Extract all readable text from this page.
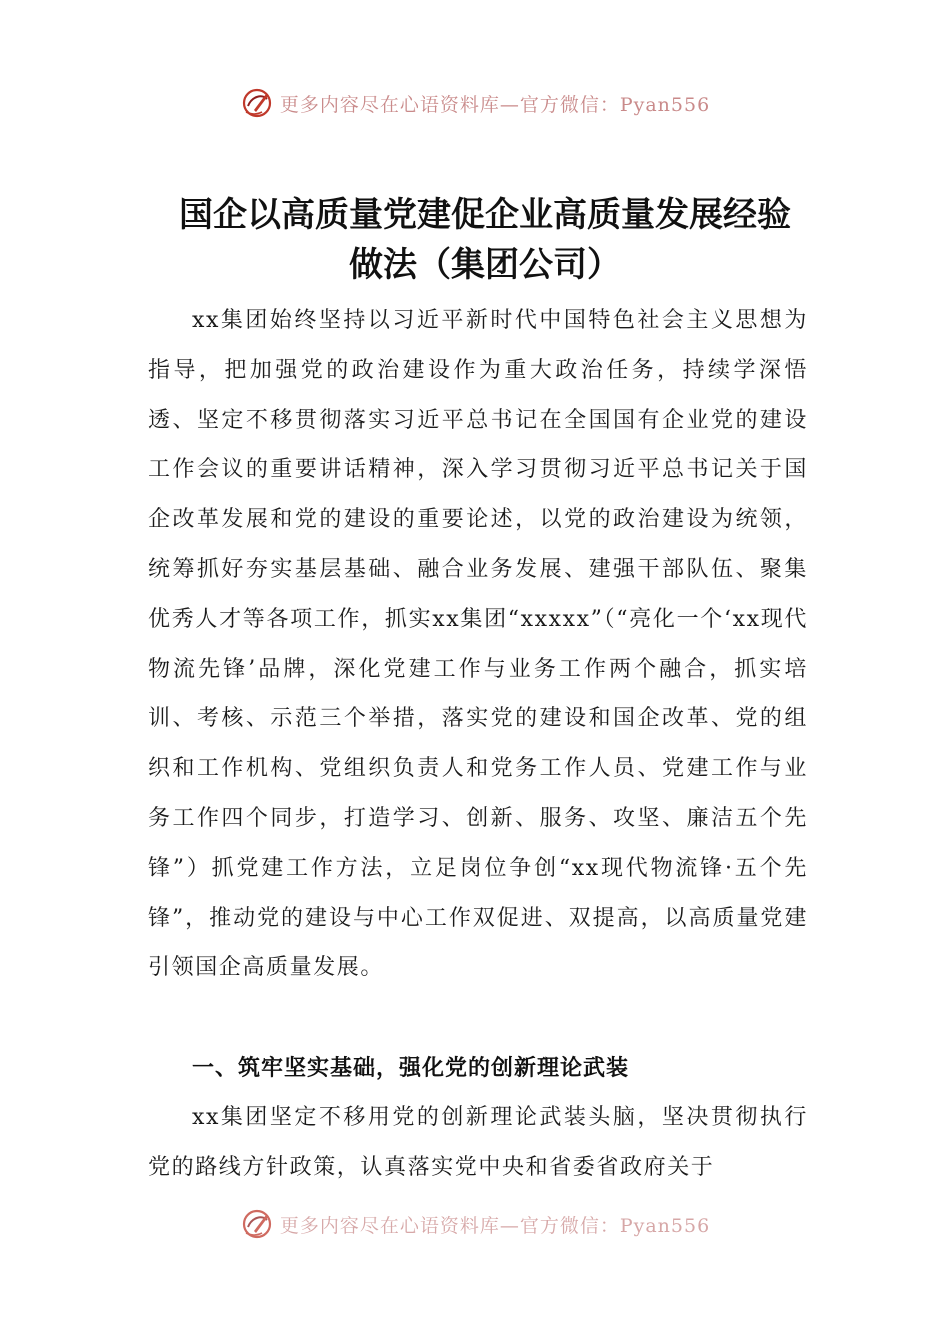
更多内容尽在心语资料库—官方微信：Pyan556
国企以高质量党建促企业高质量发展经验
做法（集团公司）

xx集团始终坚持以习近平新时代中国特色社会主义思想为指导，把加强党的政治建设作为重大政治任务，持续学深悟透、坚定不移贯彻落实习近平总书记在全国国有企业党的建设工作会议的重要讲话精神，深入学习贯彻习近平总书记关于国企改革发展和党的建设的重要论述，以党的政治建设为统领，统筹抓好夯实基层基础、融合业务发展、建强干部队伍、聚集优秀人才等各项工作，抓实xx集团“xxxxx”（“亮化一个‘xx现代物流先锋’品牌，深化党建工作与业务工作两个融合，抓实培训、考核、示范三个举措，落实党的建设和国企改革、党的组织和工作机构、党组织负责人和党务工作人员、党建工作与业务工作四个同步，打造学习、创新、服务、攻坚、廉洁五个先锋”）抓党建工作方法，立足岗位争创“xx现代物流锋·五个先锋”，推动党的建设与中心工作双促进、双提高，以高质量党建引领国企高质量发展。

一、筑牢坚实基础，强化党的创新理论武装

xx集团坚定不移用党的创新理论武装头脑，坚决贯彻执行党的路线方针政策，认真落实党中央和省委省政府关于

更多内容尽在心语资料库—官方微信：Pyan556
